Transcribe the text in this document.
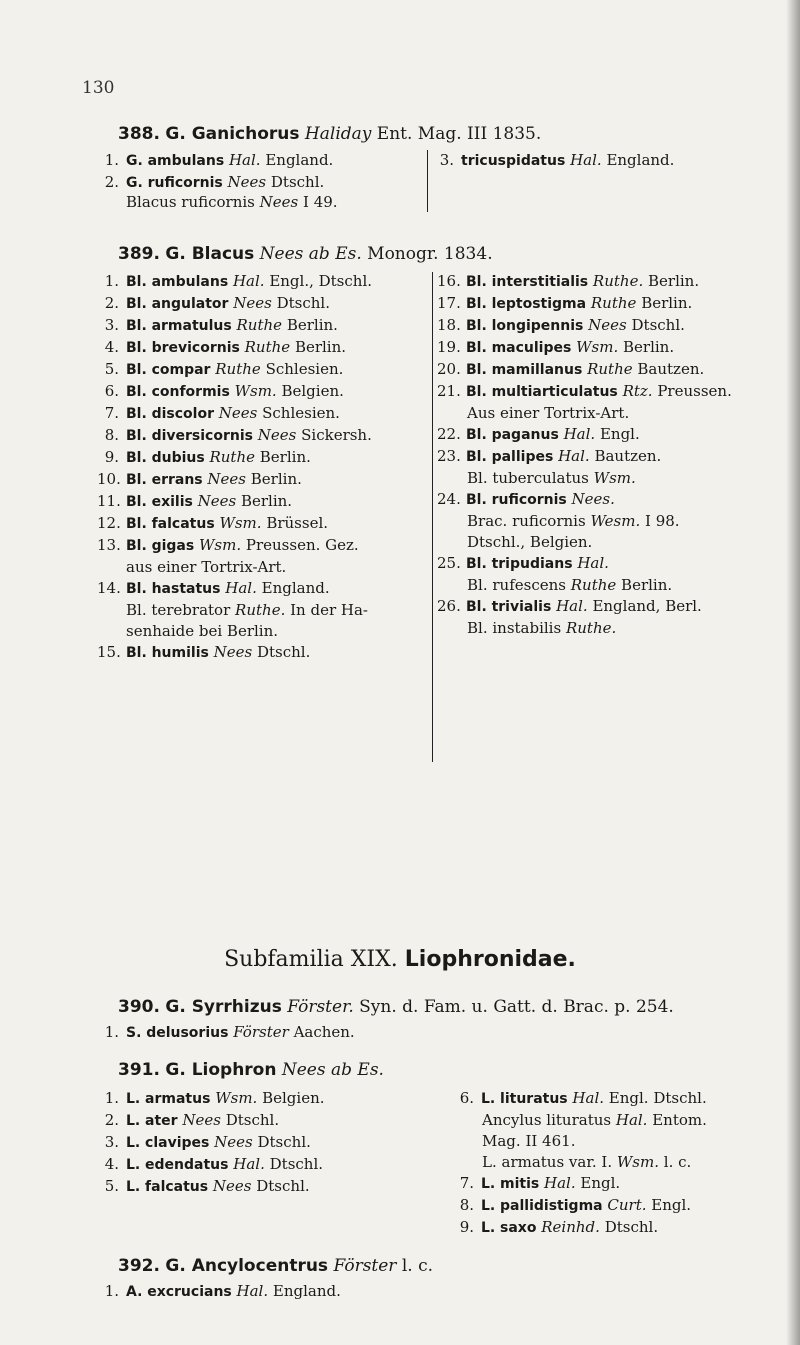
130
388. G. Ganichorus Haliday Ent. Mag. III 1835.
1. G. ambulans Hal. England.
2. G. ruficornis Nees Dtschl.
Blacus ruficornis Nees I 49.
3. tricuspidatus Hal. England.
389. G. Blacus Nees ab Es. Monogr. 1834.
1. Bl. ambulans Hal. Engl., Dtschl.
2. Bl. angulator Nees Dtschl.
3. Bl. armatulus Ruthe Berlin.
4. Bl. brevicornis Ruthe Berlin.
5. Bl. compar Ruthe Schlesien.
6. Bl. conformis Wsm. Belgien.
7. Bl. discolor Nees Schlesien.
8. Bl. diversicornis Nees Sickersh.
9. Bl. dubius Ruthe Berlin.
10. Bl. errans Nees Berlin.
11. Bl. exilis Nees Berlin.
12. Bl. falcatus Wsm. Brüssel.
13. Bl. gigas Wsm. Preussen. Gez.
aus einer Tortrix-Art.
14. Bl. hastatus Hal. England.
Bl. terebrator Ruthe. In der Ha-
senhaide bei Berlin.
15. Bl. humilis Nees Dtschl.
16. Bl. interstitialis Ruthe. Berlin.
17. Bl. leptostigma Ruthe Berlin.
18. Bl. longipennis Nees Dtschl.
19. Bl. maculipes Wsm. Berlin.
20. Bl. mamillanus Ruthe Bautzen.
21. Bl. multiarticulatus Rtz. Preussen.
Aus einer Tortrix-Art.
22. Bl. paganus Hal. Engl.
23. Bl. pallipes Hal. Bautzen.
Bl. tuberculatus Wsm.
24. Bl. ruficornis Nees.
Brac. ruficornis Wesm. I 98.
Dtschl., Belgien.
25. Bl. tripudians Hal.
Bl. rufescens Ruthe Berlin.
26. Bl. trivialis Hal. England, Berl.
Bl. instabilis Ruthe.
Subfamilia XIX. Liophronidae.
390. G. Syrrhizus Förster. Syn. d. Fam. u. Gatt. d. Brac. p. 254.
1. S. delusorius Förster Aachen.
391. G. Liophron Nees ab Es.
1. L. armatus Wsm. Belgien.
2. L. ater Nees Dtschl.
3. L. clavipes Nees Dtschl.
4. L. edendatus Hal. Dtschl.
5. L. falcatus Nees Dtschl.
6. L. lituratus Hal. Engl. Dtschl.
Ancylus lituratus Hal. Entom.
Mag. II 461.
L. armatus var. I. Wsm. l. c.
7. L. mitis Hal. Engl.
8. L. pallidistigma Curt. Engl.
9. L. saxo Reinhd. Dtschl.
392. G. Ancylocentrus Förster l. c.
1. A. excrucians Hal. England.
